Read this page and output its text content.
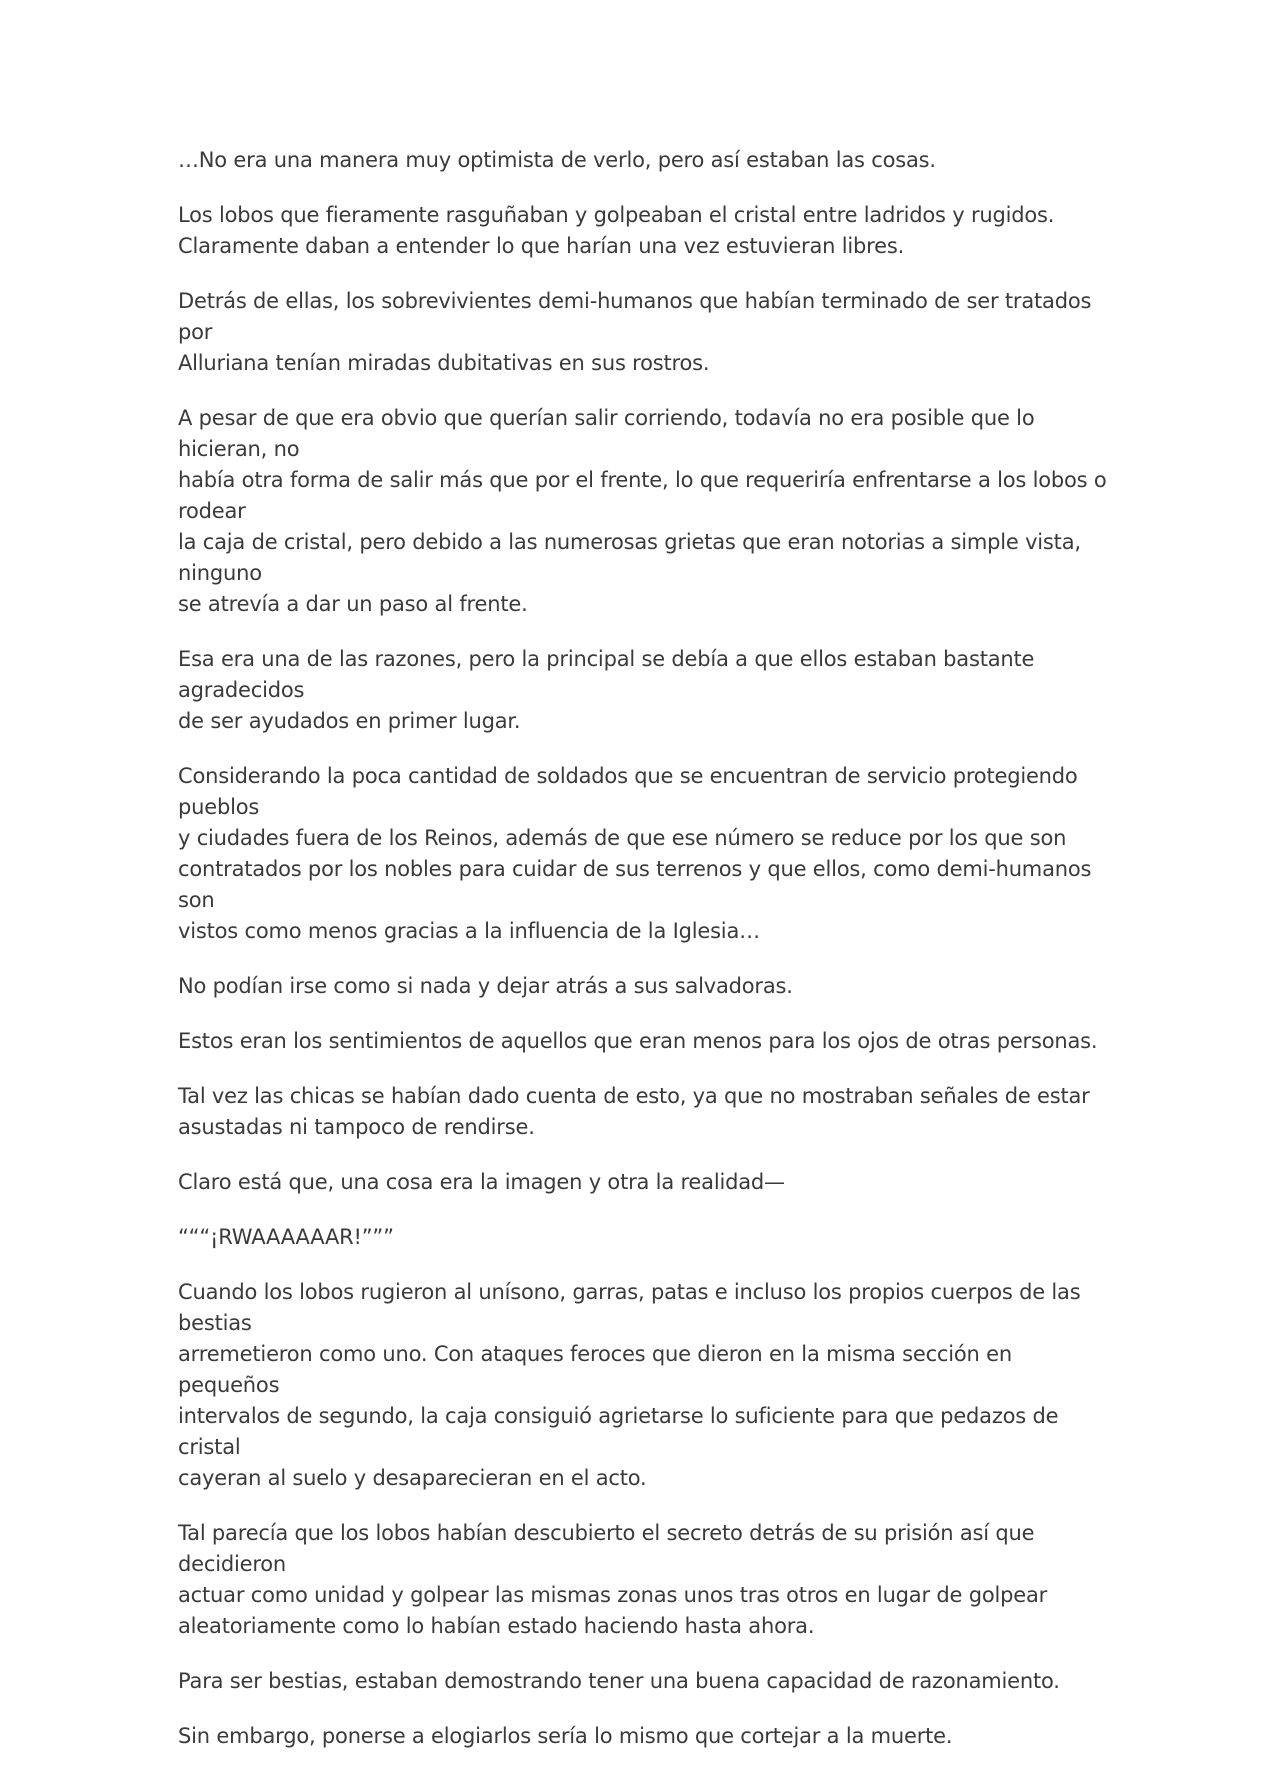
…No era una manera muy optimista de verlo, pero así estaban las cosas.

Los lobos que fieramente rasguñaban y golpeaban el cristal entre ladridos y rugidos.
Claramente daban a entender lo que harían una vez estuvieran libres.

Detrás de ellas, los sobrevivientes demi-humanos que habían terminado de ser tratados por
Alluriana tenían miradas dubitativas en sus rostros.

A pesar de que era obvio que querían salir corriendo, todavía no era posible que lo hicieran, no
había otra forma de salir más que por el frente, lo que requeriría enfrentarse a los lobos o rodear
la caja de cristal, pero debido a las numerosas grietas que eran notorias a simple vista, ninguno
se atrevía a dar un paso al frente.

Esa era una de las razones, pero la principal se debía a que ellos estaban bastante agradecidos
de ser ayudados en primer lugar.

Considerando la poca cantidad de soldados que se encuentran de servicio protegiendo pueblos
y ciudades fuera de los Reinos, además de que ese número se reduce por los que son
contratados por los nobles para cuidar de sus terrenos y que ellos, como demi-humanos son
vistos como menos gracias a la influencia de la Iglesia…

No podían irse como si nada y dejar atrás a sus salvadoras.

Estos eran los sentimientos de aquellos que eran menos para los ojos de otras personas.

Tal vez las chicas se habían dado cuenta de esto, ya que no mostraban señales de estar
asustadas ni tampoco de rendirse.

Claro está que, una cosa era la imagen y otra la realidad—

“““¡RWAAAAAAR!”””

Cuando los lobos rugieron al unísono, garras, patas e incluso los propios cuerpos de las bestias
arremetieron como uno. Con ataques feroces que dieron en la misma sección en pequeños
intervalos de segundo, la caja consiguió agrietarse lo suficiente para que pedazos de cristal
cayeran al suelo y desaparecieran en el acto.

Tal parecía que los lobos habían descubierto el secreto detrás de su prisión así que decidieron
actuar como unidad y golpear las mismas zonas unos tras otros en lugar de golpear
aleatoriamente como lo habían estado haciendo hasta ahora.

Para ser bestias, estaban demostrando tener una buena capacidad de razonamiento.

Sin embargo, ponerse a elogiarlos sería lo mismo que cortejar a la muerte.
